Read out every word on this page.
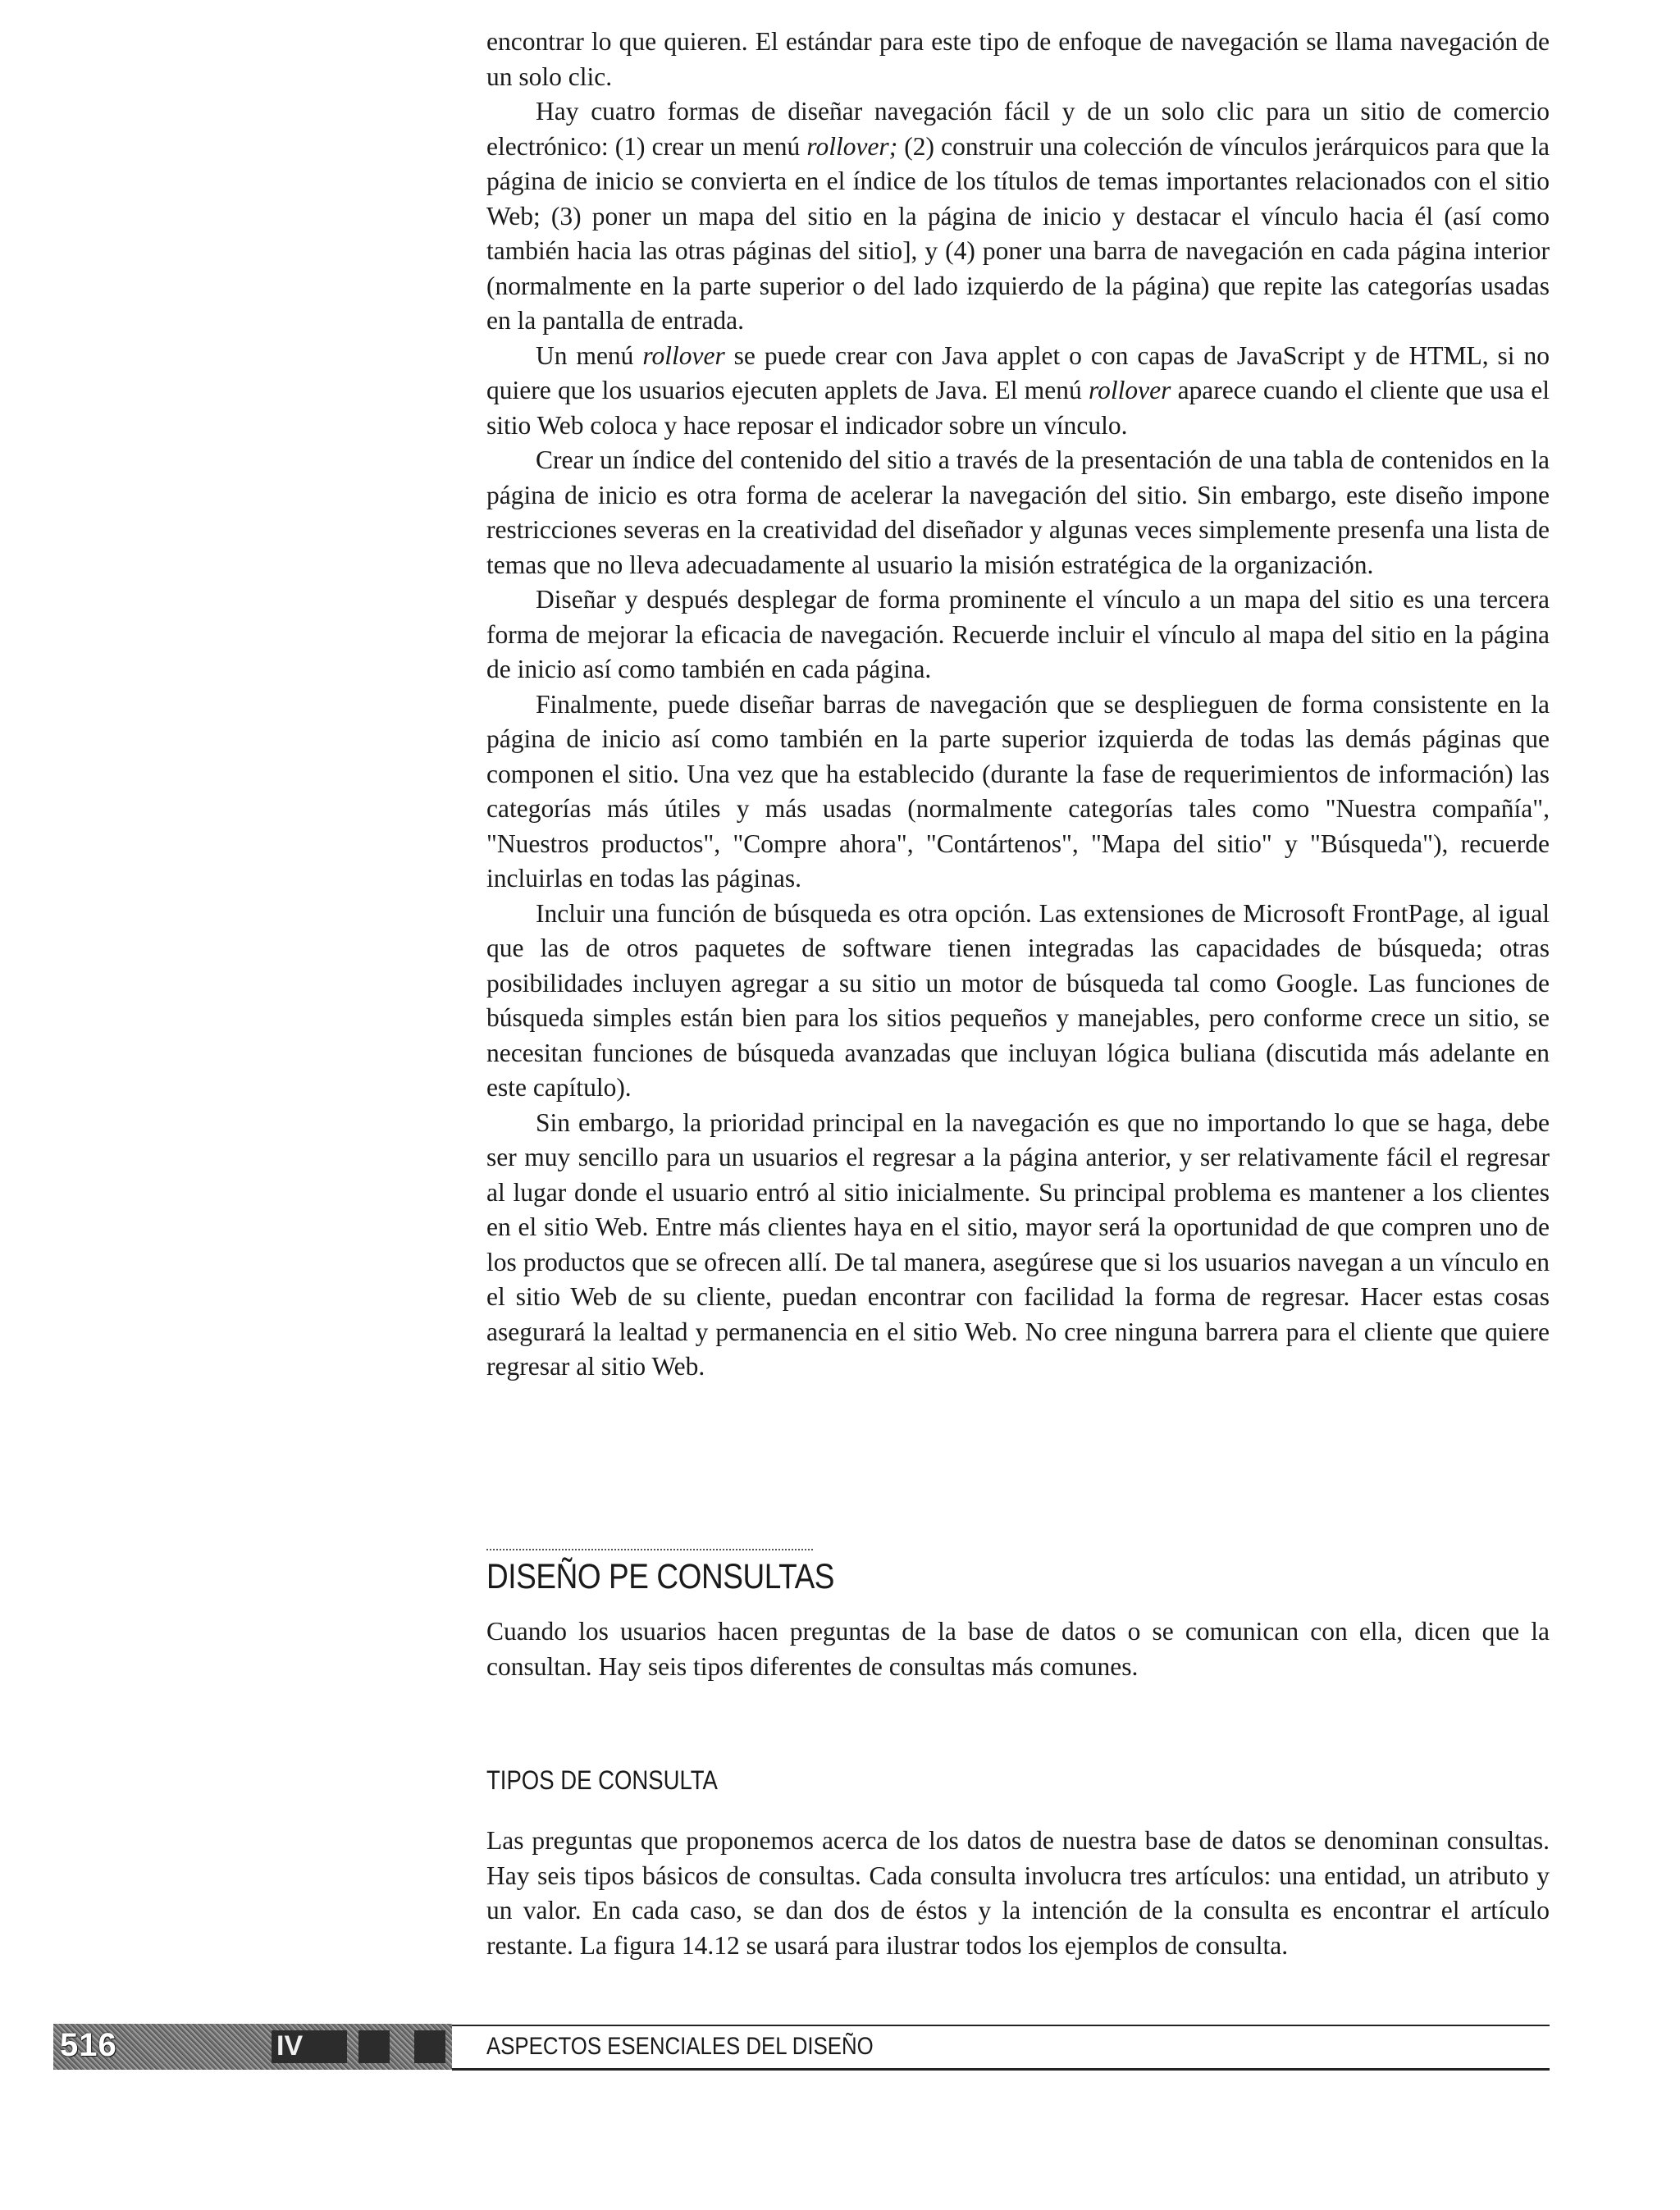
encontrar lo que quieren. El estándar para este tipo de enfoque de navegación se llama navegación de un solo clic.

Hay cuatro formas de diseñar navegación fácil y de un solo clic para un sitio de comercio electrónico: (1) crear un menú rollover; (2) construir una colección de vínculos jerárquicos para que la página de inicio se convierta en el índice de los títulos de temas importantes relacionados con el sitio Web; (3) poner un mapa del sitio en la página de inicio y destacar el vínculo hacia él (así como también hacia las otras páginas del sitio], y (4) poner una barra de navegación en cada página interior (normalmente en la parte superior o del lado izquierdo de la página) que repite las categorías usadas en la pantalla de entrada.

Un menú rollover se puede crear con Java applet o con capas de JavaScript y de HTML, si no quiere que los usuarios ejecuten applets de Java. El menú rollover aparece cuando el cliente que usa el sitio Web coloca y hace reposar el indicador sobre un vínculo.

Crear un índice del contenido del sitio a través de la presentación de una tabla de contenidos en la página de inicio es otra forma de acelerar la navegación del sitio. Sin embargo, este diseño impone restricciones severas en la creatividad del diseñador y algunas veces simplemente presenfa una lista de temas que no lleva adecuadamente al usuario la misión estratégica de la organización.

Diseñar y después desplegar de forma prominente el vínculo a un mapa del sitio es una tercera forma de mejorar la eficacia de navegación. Recuerde incluir el vínculo al mapa del sitio en la página de inicio así como también en cada página.

Finalmente, puede diseñar barras de navegación que se desplieguen de forma consistente en la página de inicio así como también en la parte superior izquierda de todas las demás páginas que componen el sitio. Una vez que ha establecido (durante la fase de requerimientos de información) las categorías más útiles y más usadas (normalmente categorías tales como "Nuestra compañía", "Nuestros productos", "Compre ahora", "Contártenos", "Mapa del sitio" y "Búsqueda"), recuerde incluirlas en todas las páginas.

Incluir una función de búsqueda es otra opción. Las extensiones de Microsoft FrontPage, al igual que las de otros paquetes de software tienen integradas las capacidades de búsqueda; otras posibilidades incluyen agregar a su sitio un motor de búsqueda tal como Google. Las funciones de búsqueda simples están bien para los sitios pequeños y manejables, pero conforme crece un sitio, se necesitan funciones de búsqueda avanzadas que incluyan lógica buliana (discutida más adelante en este capítulo).

Sin embargo, la prioridad principal en la navegación es que no importando lo que se haga, debe ser muy sencillo para un usuarios el regresar a la página anterior, y ser relativamente fácil el regresar al lugar donde el usuario entró al sitio inicialmente. Su principal problema es mantener a los clientes en el sitio Web. Entre más clientes haya en el sitio, mayor será la oportunidad de que compren uno de los productos que se ofrecen allí. De tal manera, asegúrese que si los usuarios navegan a un vínculo en el sitio Web de su cliente, puedan encontrar con facilidad la forma de regresar. Hacer estas cosas asegurará la lealtad y permanencia en el sitio Web. No cree ninguna barrera para el cliente que quiere regresar al sitio Web.

DISEÑO PE CONSULTAS

Cuando los usuarios hacen preguntas de la base de datos o se comunican con ella, dicen que la consultan. Hay seis tipos diferentes de consultas más comunes.

TIPOS DE CONSULTA

Las preguntas que proponemos acerca de los datos de nuestra base de datos se denominan consultas. Hay seis tipos básicos de consultas. Cada consulta involucra tres artículos: una entidad, un atributo y un valor. En cada caso, se dan dos de éstos y la intención de la consulta es encontrar el artículo restante. La figura 14.12 se usará para ilustrar todos los ejemplos de consulta.

516	IV	ASPECTOS ESENCIALES DEL DISEÑO
